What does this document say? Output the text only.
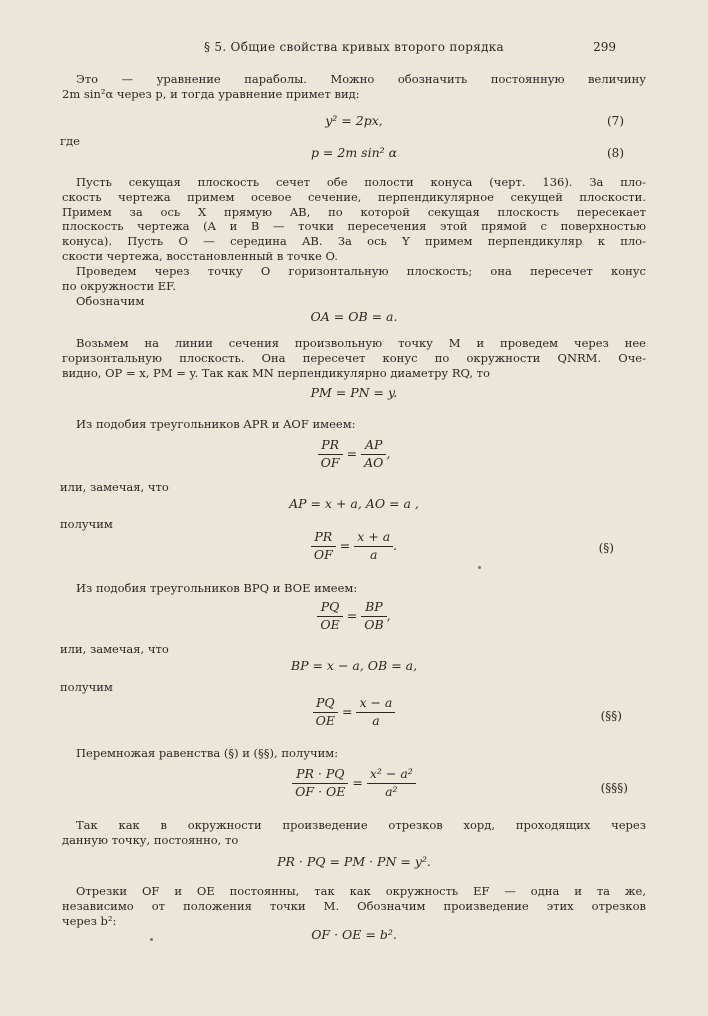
§ 5. Общие свойства кривых второго порядка	299
Это — уравнение параболы. Можно обозначить постоянную величину
2m sin²α через p, и тогда уравнение примет вид:
y² = 2px,	(7)
где
p = 2m sin² α	(8)
Пусть секущая плоскость сечет обе полости конуса (черт. 136). За пло-
скость чертежа примем осевое сечение, перпендикулярное секущей плоскости.
Примем за ось X прямую AB, по которой секущая плоскость пересекает
плоскость чертежа (A и B — точки пересечения этой прямой с поверхностью
конуса). Пусть O — середина AB. За ось Y примем перпендикуляр к пло-
скости чертежа, восстановленный в точке O.
Проведем через точку O горизонтальную плоскость; она пересечет конус
по окружности EF.
Обозначим
OA = OB = a.
Возьмем на линии сечения произвольную точку M и проведем через нее
горизонтальную плоскость. Она пересечет конус по окружности QNRM. Оче-
видно, OP = x, PM = y. Так как MN перпендикулярно диаметру RQ, то
PM = PN = y.
Из подобия треугольников APR и AOF имеем:
$\frac{PR}{OF} = \frac{AP}{AO}$ ,
или, замечая, что
AP = x + a, AO = a ,
получим
$\frac{PR}{OF} = \frac{x + a}{a}$ .	(§)
Из подобия треугольников BPQ и BOE имеем:
$\frac{PQ}{OE} = \frac{BP}{OB}$ ,
или, замечая, что
BP = x − a, OB = a,
получим
$\frac{PQ}{OE} = \frac{x - a}{a}$	(§§)
Перемножая равенства (§) и (§§), получим:
$\frac{PR \cdot PQ}{OF \cdot OE} = \frac{\text{x² − a²}}{\text{a²}}$	(§§§)
Так как в окружности произведение отрезков хорд, проходящих через
данную точку, постоянно, то
PR · PQ = PM · PN = y².
Отрезки OF и OE постоянны, так как окружность EF — одна и та же,
независимо от положения точки M. Обозначим произведение этих отрезков
через b²:
OF · OE = b².
